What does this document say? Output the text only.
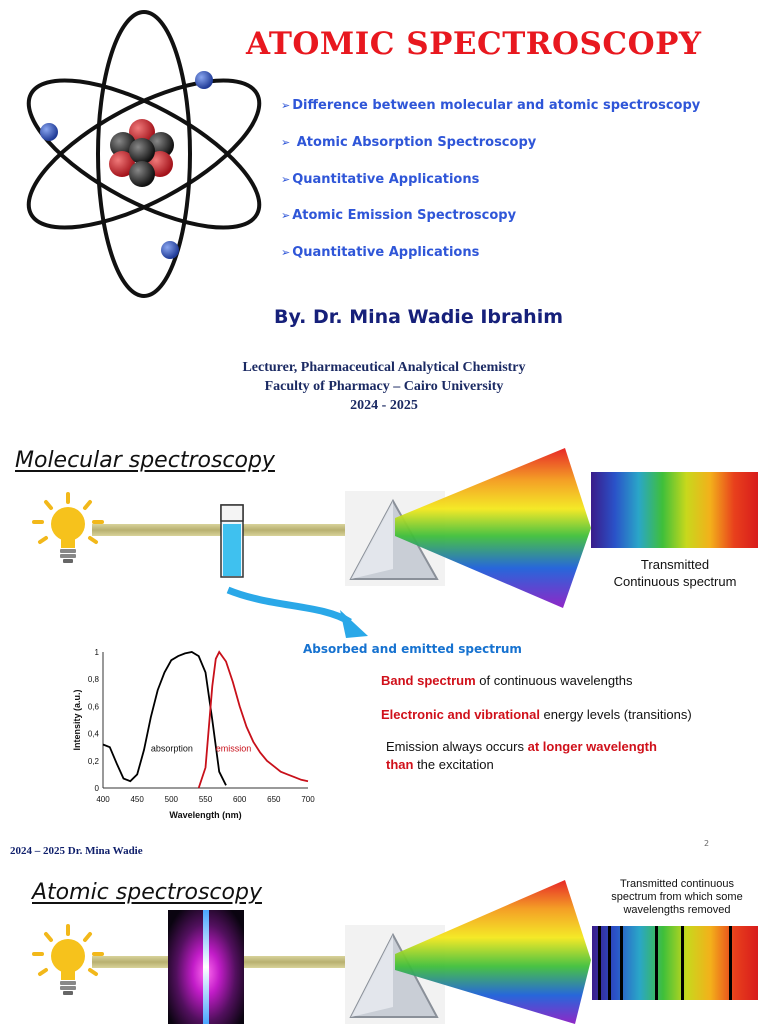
ATOMIC SPECTROSCOPY
➢ Difference between molecular and atomic spectroscopy
➢ Atomic Absorption Spectroscopy
➢ Quantitative Applications
➢ Atomic Emission Spectroscopy
➢ Quantitative Applications
By. Dr. Mina Wadie Ibrahim
Lecturer, Pharmaceutical Analytical Chemistry
Faculty of Pharmacy – Cairo University
2024 - 2025
Molecular spectroscopy
Transmitted
Continuous spectrum
Absorbed and emitted spectrum
400	450	500	550	600	650	700
0
0,2
0,4
0,6
0,8
1
Wavelength (nm)
Intensity (a.u.)	absorption	emission
Band spectrum of continuous wavelengths
Electronic and vibrational energy levels (transitions)
Emission always occurs at longer wavelength
than the excitation
2
2024 – 2025 Dr. Mina Wadie
Atomic spectroscopy	Transmitted continuous
spectrum from which some
wavelengths removed
